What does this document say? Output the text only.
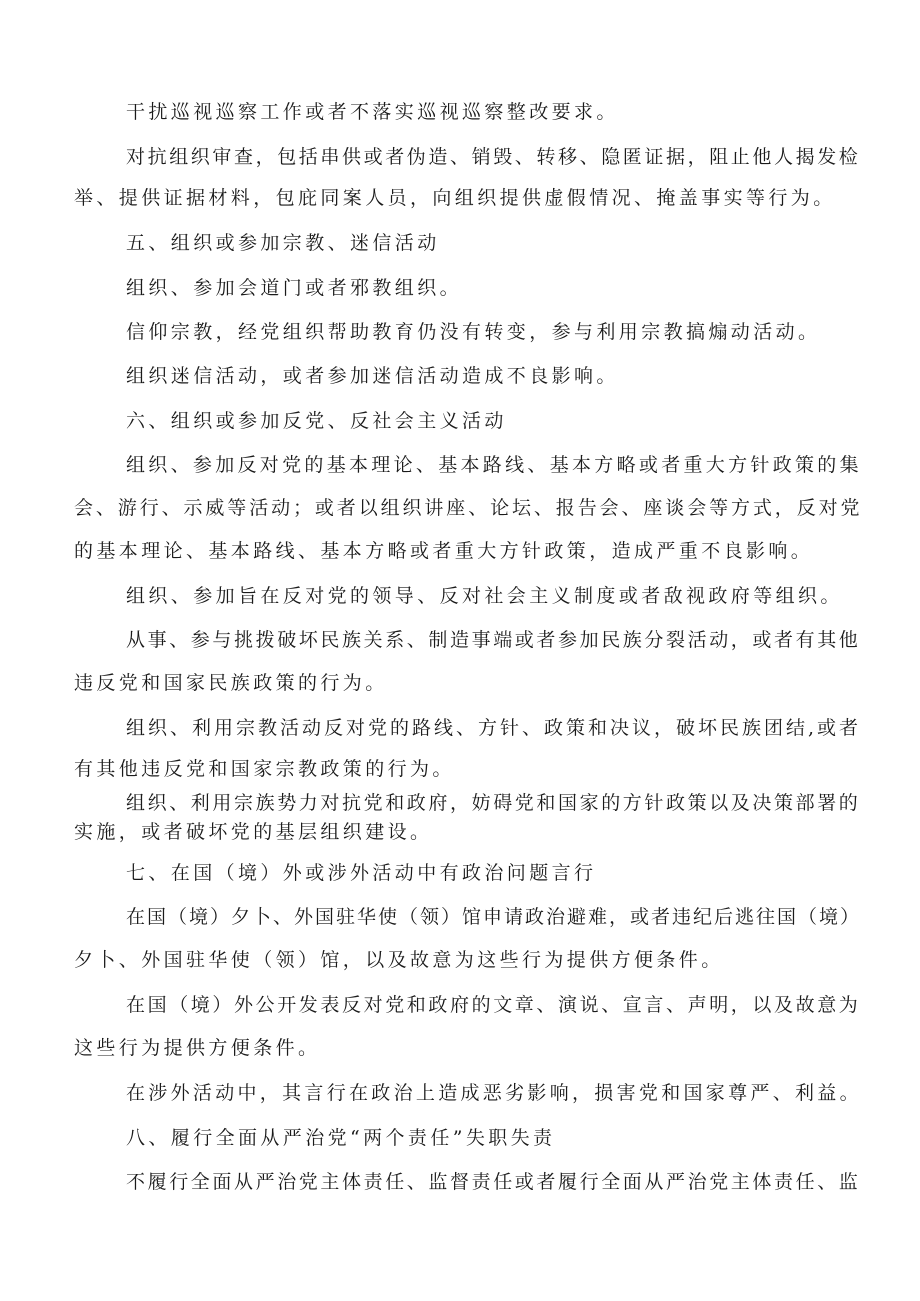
干扰巡视巡察工作或者不落实巡视巡察整改要求。
对抗组织审查，包括串供或者伪造、销毁、转移、隐匿证据，阻止他人揭发检
举、提供证据材料，包庇同案人员，向组织提供虚假情况、掩盖事实等行为。
五、组织或参加宗教、迷信活动
组织、参加会道门或者邪教组织。
信仰宗教，经党组织帮助教育仍没有转变，参与利用宗教搞煽动活动。
组织迷信活动，或者参加迷信活动造成不良影响。
六、组织或参加反党、反社会主义活动
组织、参加反对党的基本理论、基本路线、基本方略或者重大方针政策的集
会、游行、示威等活动；或者以组织讲座、论坛、报告会、座谈会等方式，反对党
的基本理论、基本路线、基本方略或者重大方针政策，造成严重不良影响。
组织、参加旨在反对党的领导、反对社会主义制度或者敌视政府等组织。
从事、参与挑拨破坏民族关系、制造事端或者参加民族分裂活动，或者有其他
违反党和国家民族政策的行为。
组织、利用宗教活动反对党的路线、方针、政策和决议，破坏民族团结,或者
有其他违反党和国家宗教政策的行为。
组织、利用宗族势力对抗党和政府，妨碍党和国家的方针政策以及决策部署的
实施，或者破坏党的基层组织建设。
七、在国（境）外或涉外活动中有政治问题言行
在国（境）夕卜、外国驻华使（领）馆申请政治避难，或者违纪后逃往国（境）
夕卜、外国驻华使（领）馆，以及故意为这些行为提供方便条件。
在国（境）外公开发表反对党和政府的文章、演说、宣言、声明，以及故意为
这些行为提供方便条件。
在涉外活动中，其言行在政治上造成恶劣影响，损害党和国家尊严、利益。
八、履行全面从严治党“两个责任”失职失责
不履行全面从严治党主体责任、监督责任或者履行全面从严治党主体责任、监
